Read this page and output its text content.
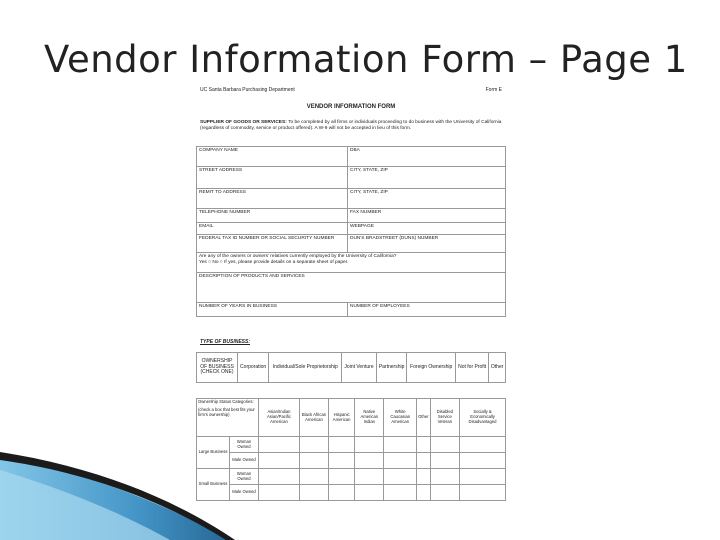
Vendor Information Form – Page 1
UC Santa Barbara Purchasing Department	Form E
VENDOR INFORMATION FORM
SUPPLIER OF GOODS OR SERVICES: To be completed by all firms or individuals proceeding to do business with the University of California (regardless of commodity, service or product offered). A W-9 will not be accepted in lieu of this form.
COMPANY NAME	DBA
STREET ADDRESS	CITY, STATE, ZIP
REMIT TO ADDRESS	CITY, STATE, ZIP
TELEPHONE NUMBER	FAX NUMBER
EMAIL	WEBPAGE
FEDERAL TAX ID NUMBER OR SOCIAL SECURITY NUMBER	DUN'S BRADSTREET (DUNS) NUMBER

Are any of the owners or owners' relatives currently employed by the University of California?
Yes ○ No ○ If yes, please provide details on a separate sheet of paper.	

DESCRIPTION OF PRODUCTS AND SERVICES	
NUMBER OF YEARS IN BUSINESS	NUMBER OF EMPLOYEES
TYPE OF BUSINESS:
OWNERSHIP OF BUSINESS (CHECK ONE)	Corporation	Individual/Sole Proprietorship	Joint Venture	Partnership	Foreign Ownership	Not for Profit	Other
Ownership Status Categories:
(check a box that best fits your firm's ownership)		Asian/Indian Asian/Pacific American	Black African American	Hispanic American	Native American Indian	White Caucasian American	Other	Disabled Service Veteran	Socially & Economically Disadvantaged
Large Business	Woman Owned								
	Male Owned								
Small Business	Woman Owned								
	Male Owned								
